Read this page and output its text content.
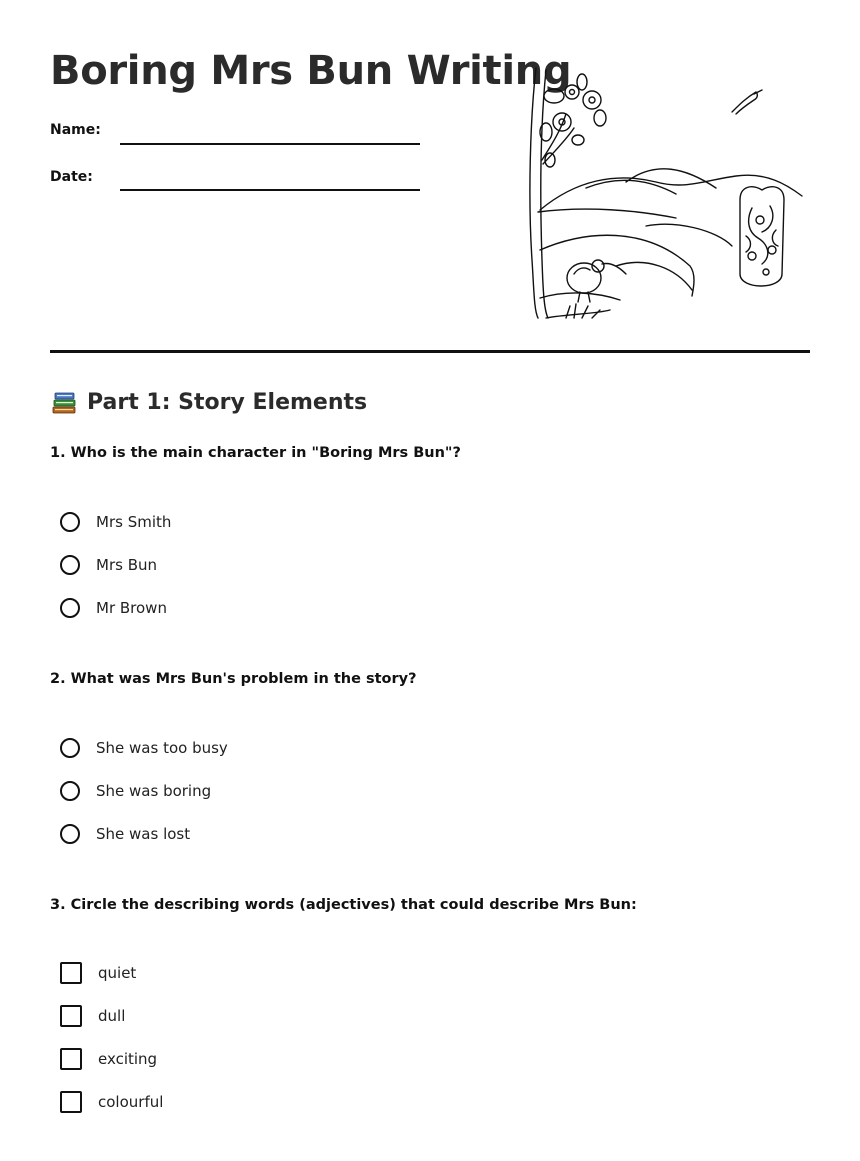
Boring Mrs Bun Writing
Name:
Date:
Part 1: Story Elements

1. Who is the main character in "Boring Mrs Bun"?

Mrs Smith
Mrs Bun
Mr Brown

2. What was Mrs Bun's problem in the story?

She was too busy
She was boring
She was lost

3. Circle the describing words (adjectives) that could describe Mrs Bun:

quiet
dull
exciting
colourful
